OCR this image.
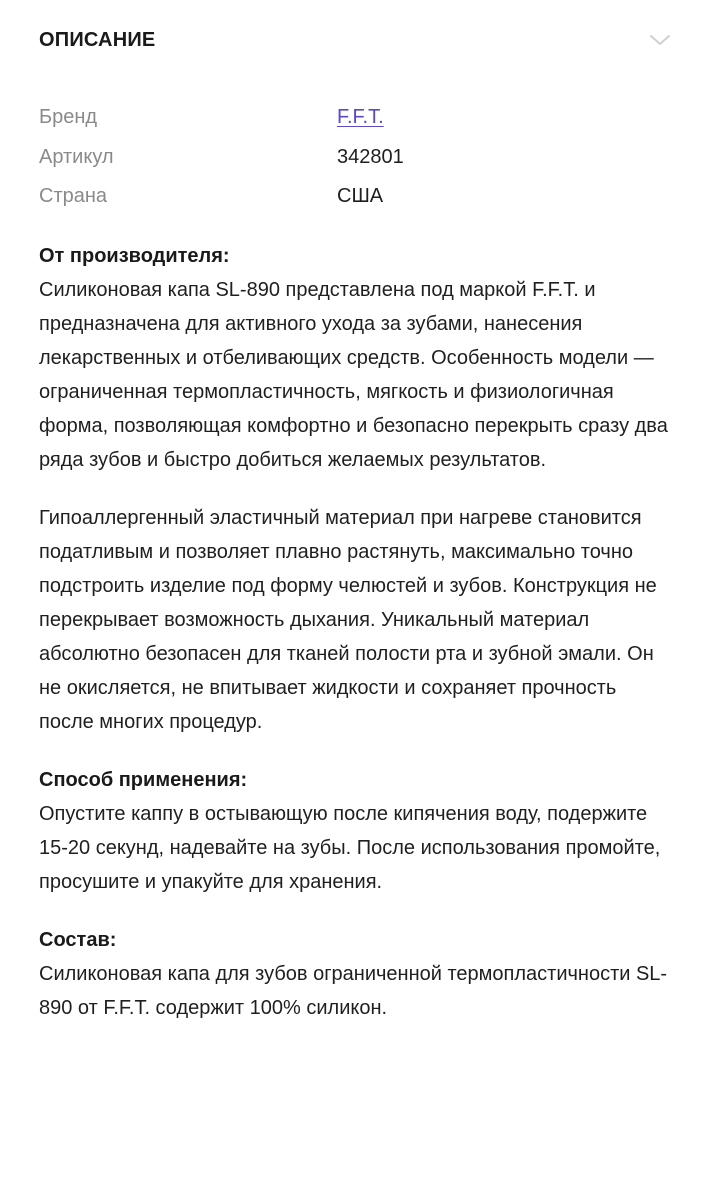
ОПИСАНИЕ
Бренд	F.F.T.
Артикул	342801
Страна	США
От производителя:

Силиконовая капа SL-890 представлена под маркой F.F.T. и предназначена для активного ухода за зубами, нанесения лекарственных и отбеливающих средств. Особенность модели — ограниченная термопластичность, мягкость и физиологичная форма, позволяющая комфортно и безопасно перекрыть сразу два ряда зубов и быстро добиться желаемых результатов.

Гипоаллергенный эластичный материал при нагреве становится податливым и позволяет плавно растянуть, максимально точно подстроить изделие под форму челюстей и зубов. Конструкция не перекрывает возможность дыхания. Уникальный материал абсолютно безопасен для тканей полости рта и зубной эмали. Он не окисляется, не впитывает жидкости и сохраняет прочность после многих процедур.

Способ применения:

Опустите каппу в остывающую после кипячения воду, подержите 15-20 секунд, надевайте на зубы. После использования промойте, просушите и упакуйте для хранения.

Состав:

Силиконовая капа для зубов ограниченной термопластичности SL-890 от F.F.T. содержит 100% силикон.
